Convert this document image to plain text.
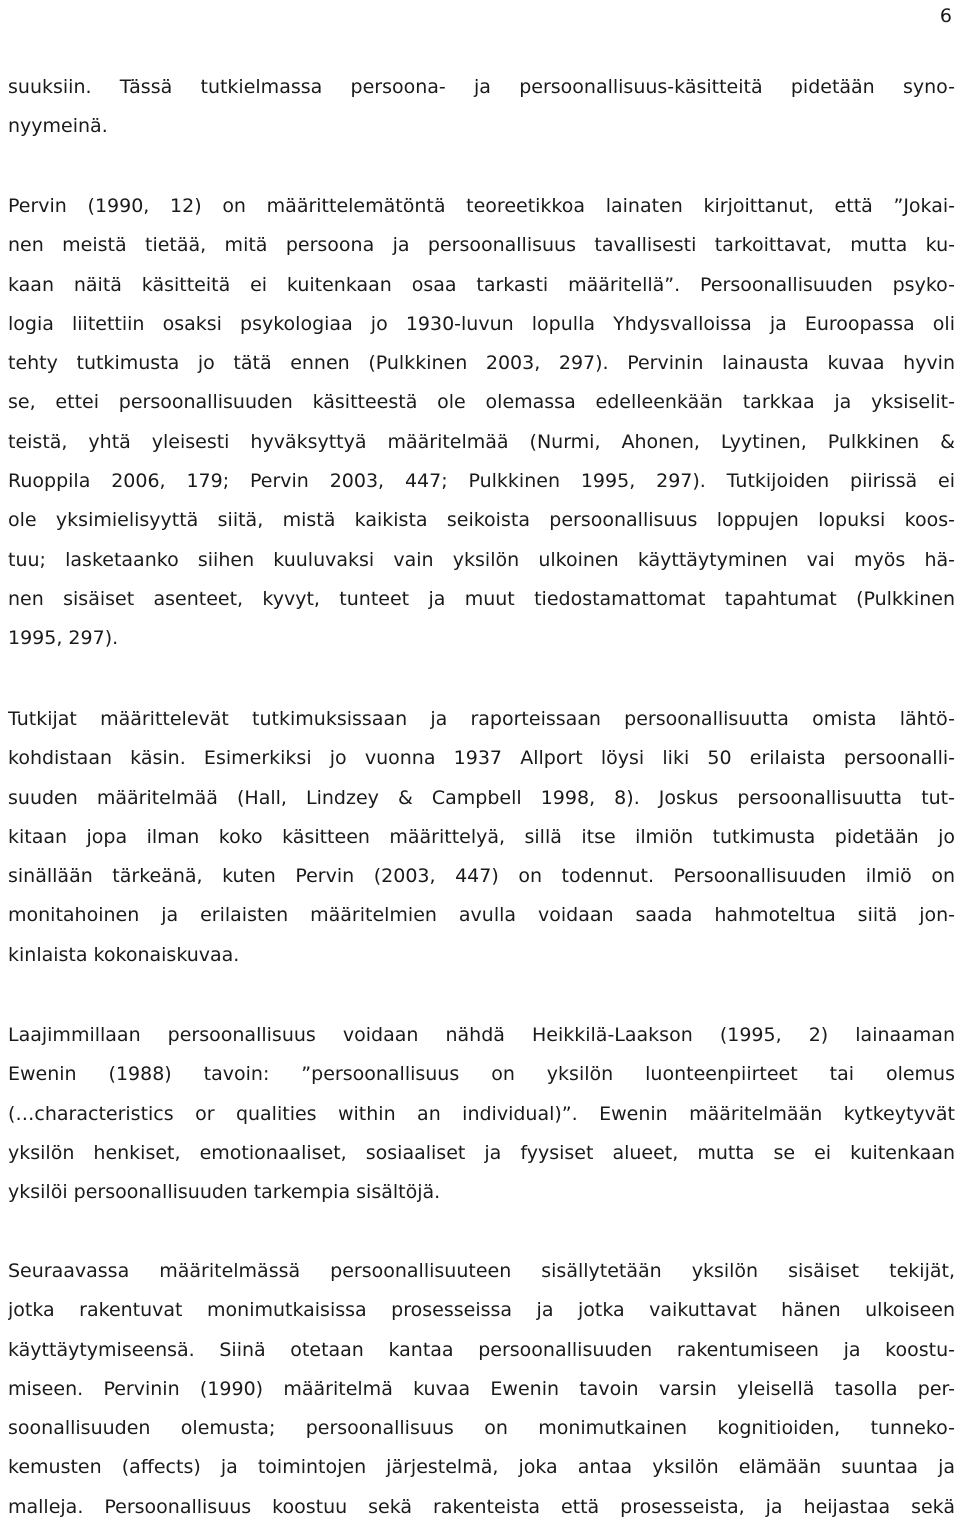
6
suuksiin. Tässä tutkielmassa persoona- ja persoonallisuus-käsitteitä pidetään syno-
nyymeinä.
Pervin (1990, 12) on määrittelemätöntä teoreetikkoa lainaten kirjoittanut, että ”Jokai-
nen meistä tietää, mitä persoona ja persoonallisuus tavallisesti tarkoittavat, mutta ku-
kaan näitä käsitteitä ei kuitenkaan osaa tarkasti määritellä”. Persoonallisuuden psyko-
logia liitettiin osaksi psykologiaa jo 1930-luvun lopulla Yhdysvalloissa ja Euroopassa oli
tehty tutkimusta jo tätä ennen (Pulkkinen 2003, 297). Pervinin lainausta kuvaa hyvin
se, ettei persoonallisuuden käsitteestä ole olemassa edelleenkään tarkkaa ja yksiselit-
teistä, yhtä yleisesti hyväksyttyä määritelmää (Nurmi, Ahonen, Lyytinen, Pulkkinen &
Ruoppila 2006, 179; Pervin 2003, 447; Pulkkinen 1995, 297). Tutkijoiden piirissä ei
ole yksimielisyyttä siitä, mistä kaikista seikoista persoonallisuus loppujen lopuksi koos-
tuu; lasketaanko siihen kuuluvaksi vain yksilön ulkoinen käyttäytyminen vai myös hä-
nen sisäiset asenteet, kyvyt, tunteet ja muut tiedostamattomat tapahtumat (Pulkkinen
1995, 297).
Tutkijat määrittelevät tutkimuksissaan ja raporteissaan persoonallisuutta omista lähtö-
kohdistaan käsin. Esimerkiksi jo vuonna 1937 Allport löysi liki 50 erilaista persoonalli-
suuden määritelmää (Hall, Lindzey & Campbell 1998, 8). Joskus persoonallisuutta tut-
kitaan jopa ilman koko käsitteen määrittelyä, sillä itse ilmiön tutkimusta pidetään jo
sinällään tärkeänä, kuten Pervin (2003, 447) on todennut. Persoonallisuuden ilmiö on
monitahoinen ja erilaisten määritelmien avulla voidaan saada hahmoteltua siitä jon-
kinlaista kokonaiskuvaa.
Laajimmillaan persoonallisuus voidaan nähdä Heikkilä-Laakson (1995, 2) lainaaman
Ewenin (1988) tavoin: ”persoonallisuus on yksilön luonteenpiirteet tai olemus
(…characteristics or qualities within an individual)”. Ewenin määritelmään kytkeytyvät
yksilön henkiset, emotionaaliset, sosiaaliset ja fyysiset alueet, mutta se ei kuitenkaan
yksilöi persoonallisuuden tarkempia sisältöjä.
Seuraavassa määritelmässä persoonallisuuteen sisällytetään yksilön sisäiset tekijät,
jotka rakentuvat monimutkaisissa prosesseissa ja jotka vaikuttavat hänen ulkoiseen
käyttäytymiseensä. Siinä otetaan kantaa persoonallisuuden rakentumiseen ja koostu-
miseen. Pervinin (1990) määritelmä kuvaa Ewenin tavoin varsin yleisellä tasolla per-
soonallisuuden olemusta; persoonallisuus on monimutkainen kognitioiden, tunneko-
kemusten (affects) ja toimintojen järjestelmä, joka antaa yksilön elämään suuntaa ja
malleja. Persoonallisuus koostuu sekä rakenteista että prosesseista, ja heijastaa sekä
